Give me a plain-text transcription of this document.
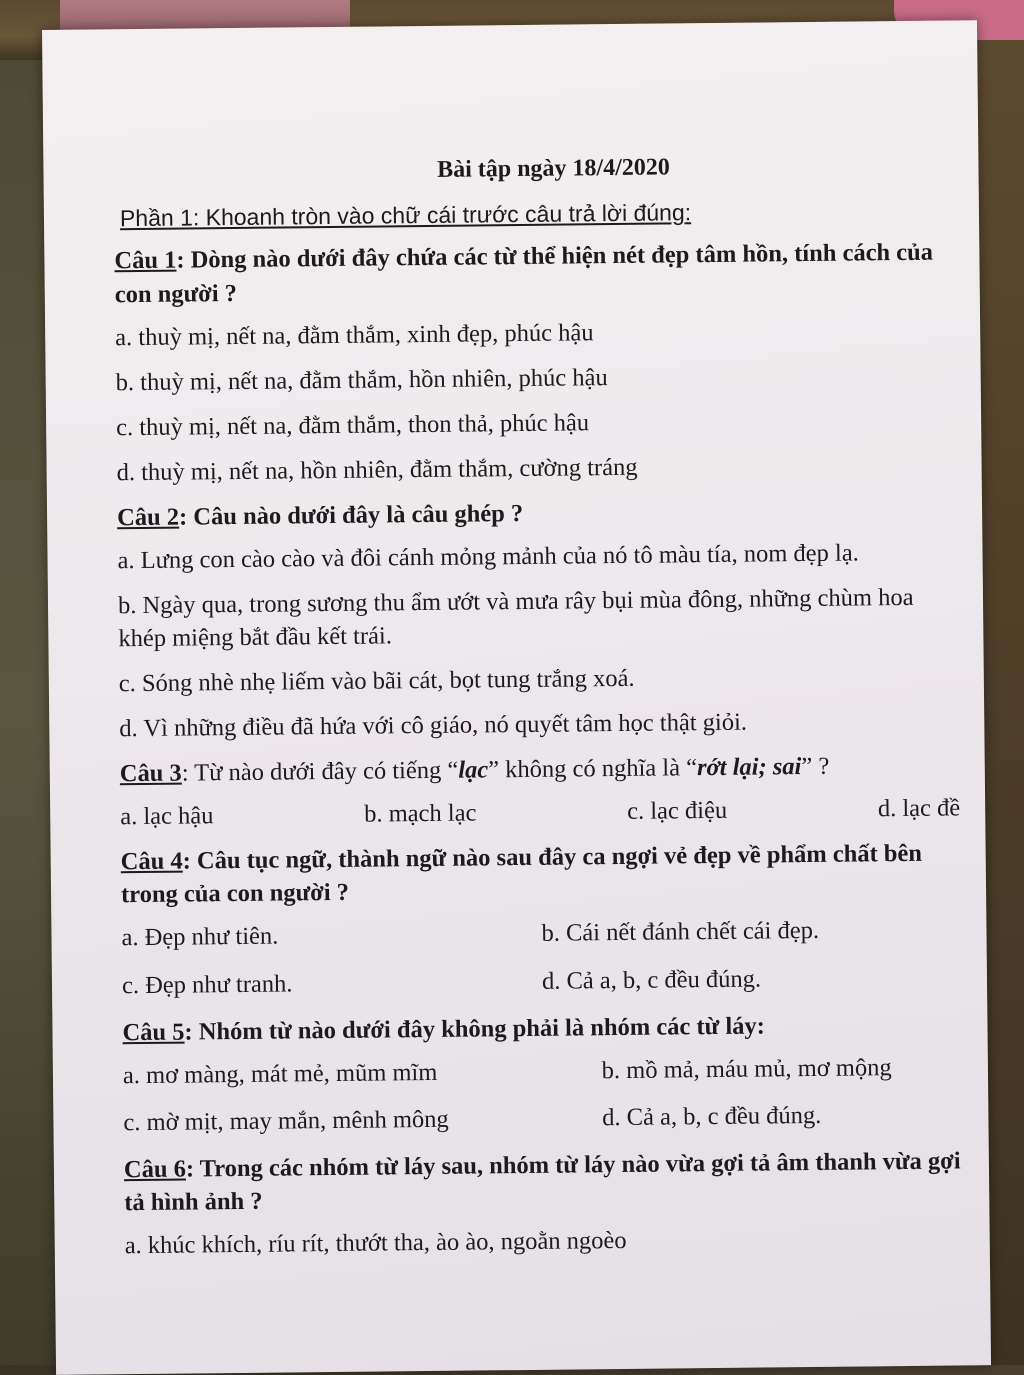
Bài tập ngày 18/4/2020
Phần 1: Khoanh tròn vào chữ cái trước câu trả lời đúng:
Câu 1: Dòng nào dưới đây chứa các từ thể hiện nét đẹp tâm hồn, tính cách của con người ?
a. thuỳ mị, nết na, đằm thắm, xinh đẹp, phúc hậu
b. thuỳ mị, nết na, đằm thắm, hồn nhiên, phúc hậu
c. thuỳ mị, nết na, đằm thắm, thon thả, phúc hậu
d. thuỳ mị, nết na, hồn nhiên, đằm thắm, cường tráng
Câu 2: Câu nào dưới đây là câu ghép ?
a. Lưng con cào cào và đôi cánh mỏng mảnh của nó tô màu tía, nom đẹp lạ.
b. Ngày qua, trong sương thu ẩm ướt và mưa rây bụi mùa đông, những chùm hoa khép miệng bắt đầu kết trái.
c. Sóng nhè nhẹ liếm vào bãi cát, bọt tung trắng xoá.
d. Vì những điều đã hứa với cô giáo, nó quyết tâm học thật giỏi.
Câu 3: Từ nào dưới đây có tiếng “lạc” không có nghĩa là “rớt lại; sai” ?
a. lạc hậu	b. mạch lạc	c. lạc điệu	d. lạc đề
Câu 4: Câu tục ngữ, thành ngữ nào sau đây ca ngợi vẻ đẹp về phẩm chất bên trong của con người ?
a. Đẹp như tiên.	b. Cái nết đánh chết cái đẹp.
c. Đẹp như tranh.	d. Cả a, b, c đều đúng.
Câu 5: Nhóm từ nào dưới đây không phải là nhóm các từ láy:
a. mơ màng, mát mẻ, mũm mĩm	b. mồ mả, máu mủ, mơ mộng
c. mờ mịt, may mắn, mênh mông	d. Cả a, b, c đều đúng.
Câu 6: Trong các nhóm từ láy sau, nhóm từ láy nào vừa gợi tả âm thanh vừa gợi tả hình ảnh ?
a. khúc khích, ríu rít, thướt tha, ào ào, ngoằn ngoèo
